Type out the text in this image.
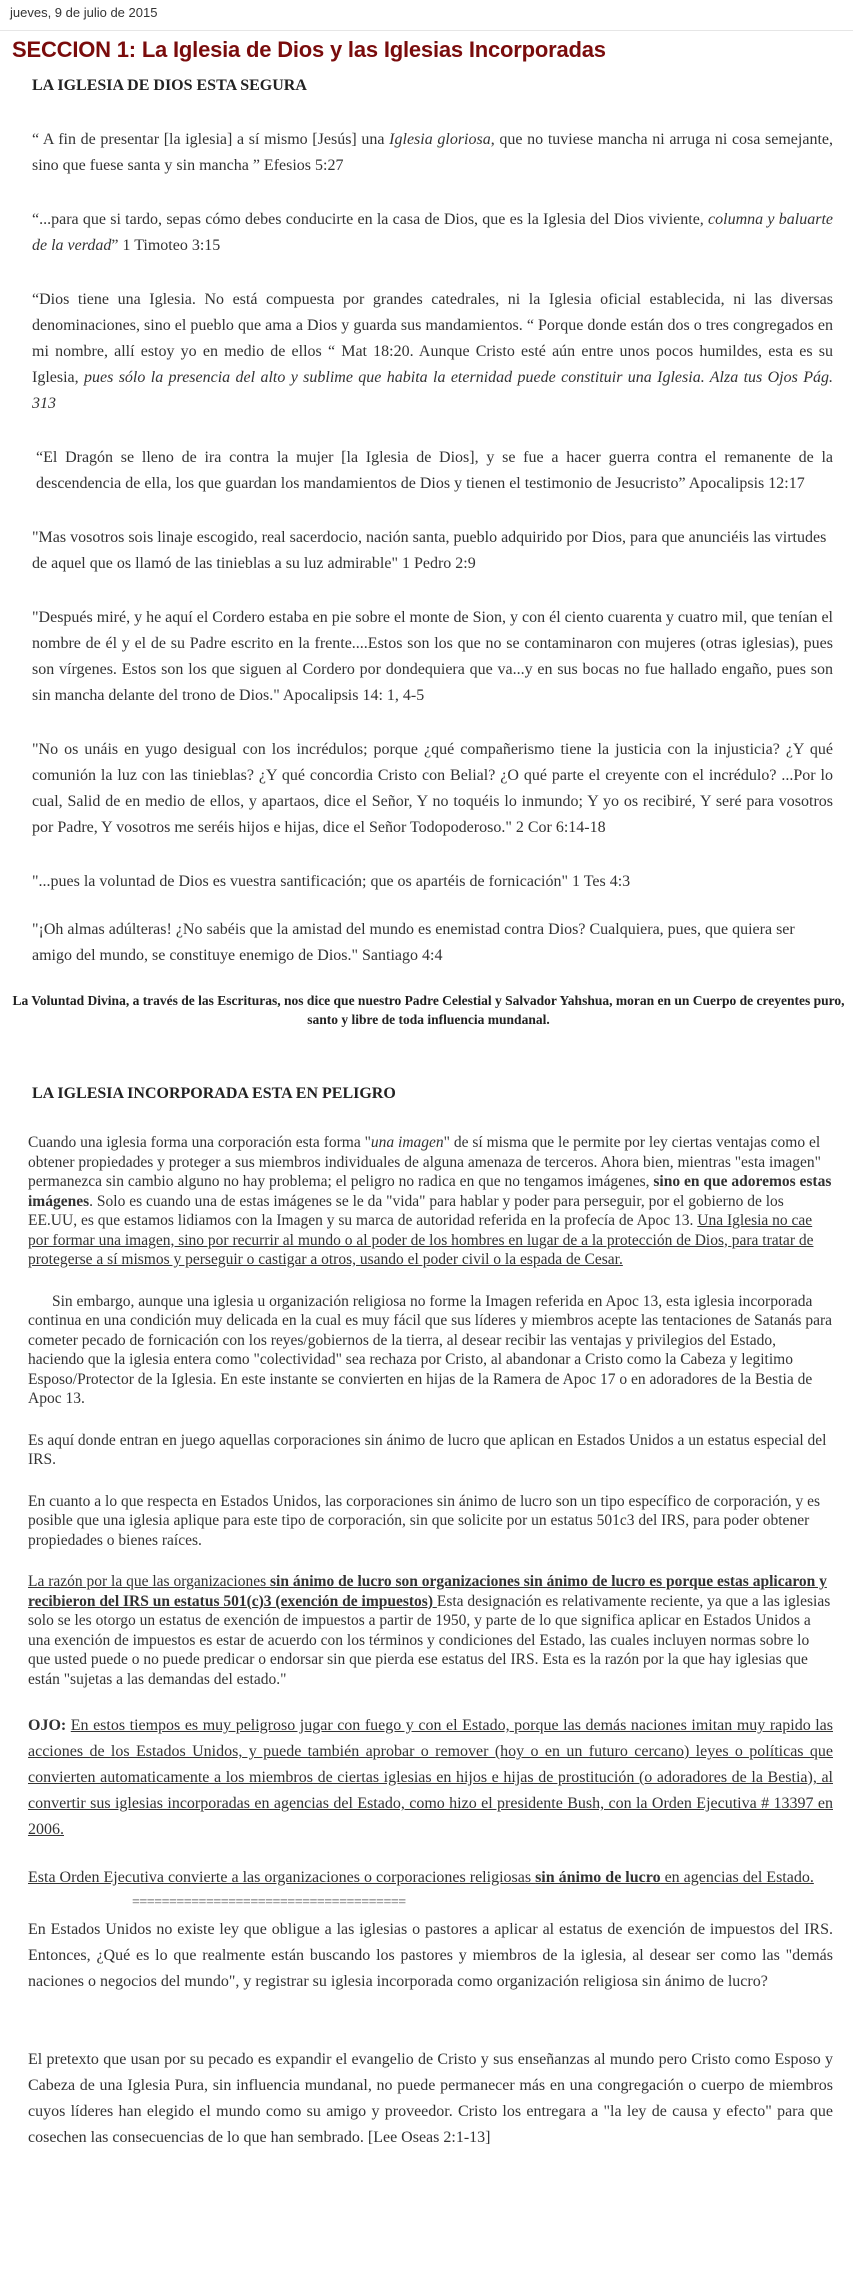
jueves, 9 de julio de 2015
SECCION 1: La Iglesia de Dios y las Iglesias Incorporadas
LA IGLESIA DE DIOS ESTA SEGURA

“ A fin de presentar [la iglesia] a sí mismo [Jesús] una Iglesia gloriosa, que no tuviese mancha ni arruga ni cosa semejante, sino que fuese santa y sin mancha ” Efesios 5:27

“...para que si tardo, sepas cómo debes conducirte en la casa de Dios, que es la Iglesia del Dios viviente, columna y baluarte de la verdad” 1 Timoteo 3:15

“Dios tiene una Iglesia. No está compuesta por grandes catedrales, ni la Iglesia oficial establecida, ni las diversas denominaciones, sino el pueblo que ama a Dios y guarda sus mandamientos. “ Porque donde están dos o tres congregados en mi nombre, allí estoy yo en medio de ellos “ Mat 18:20. Aunque Cristo esté aún entre unos pocos humildes, esta es su Iglesia, pues sólo la presencia del alto y sublime que habita la eternidad puede constituir una Iglesia. Alza tus Ojos Pág. 313

“El Dragón se lleno de ira contra la mujer [la Iglesia de Dios], y se fue a hacer guerra contra el remanente de la descendencia de ella, los que guardan los mandamientos de Dios y tienen el testimonio de Jesucristo” Apocalipsis 12:17

"Mas vosotros sois linaje escogido, real sacerdocio, nación santa, pueblo adquirido por Dios, para que anunciéis las virtudes de aquel que os llamó de las tinieblas a su luz admirable" 1 Pedro 2:9

"Después miré, y he aquí el Cordero estaba en pie sobre el monte de Sion, y con él ciento cuarenta y cuatro mil, que tenían el nombre de él y el de su Padre escrito en la frente....Estos son los que no se contaminaron con mujeres (otras iglesias), pues son vírgenes. Estos son los que siguen al Cordero por dondequiera que va...y en sus bocas no fue hallado engaño, pues son sin mancha delante del trono de Dios." Apocalipsis 14: 1, 4-5

"No os unáis en yugo desigual con los incrédulos; porque ¿qué compañerismo tiene la justicia con la injusticia? ¿Y qué comunión la luz con las tinieblas? ¿Y qué concordia Cristo con Belial? ¿O qué parte el creyente con el incrédulo? ...Por lo cual, Salid de en medio de ellos, y apartaos, dice el Señor, Y no toquéis lo inmundo; Y yo os recibiré, Y seré para vosotros por Padre, Y vosotros me seréis hijos e hijas, dice el Señor Todopoderoso." 2 Cor 6:14-18

"...pues la voluntad de Dios es vuestra santificación; que os apartéis de fornicación" 1 Tes 4:3

"¡Oh almas adúlteras! ¿No sabéis que la amistad del mundo es enemistad contra Dios? Cualquiera, pues, que quiera ser amigo del mundo, se constituye enemigo de Dios." Santiago 4:4

La Voluntad Divina, a través de las Escrituras, nos dice que nuestro Padre Celestial y Salvador Yahshua, moran en un Cuerpo de creyentes puro, santo y libre de toda influencia mundanal.

LA IGLESIA INCORPORADA ESTA EN PELIGRO

Cuando una iglesia forma una corporación esta forma "una imagen" de sí misma que le permite por ley ciertas ventajas como el obtener propiedades y proteger a sus miembros individuales de alguna amenaza de terceros. Ahora bien, mientras "esta imagen" permanezca sin cambio alguno no hay problema; el peligro no radica en que no tengamos imágenes, sino en que adoremos estas imágenes. Solo es cuando una de estas imágenes se le da "vida" para hablar y poder para perseguir, por el gobierno de los EE.UU, es que estamos lidiamos con la Imagen y su marca de autoridad referida en la profecía de Apoc 13. Una Iglesia no cae por formar una imagen, sino por recurrir al mundo o al poder de los hombres en lugar de a la protección de Dios, para tratar de protegerse a sí mismos y perseguir o castigar a otros, usando el poder civil o la espada de Cesar.

Sin embargo, aunque una iglesia u organización religiosa no forme la Imagen referida en Apoc 13, esta iglesia incorporada continua en una condición muy delicada en la cual es muy fácil que sus líderes y miembros acepte las tentaciones de Satanás para cometer pecado de fornicación con los reyes/gobiernos de la tierra, al desear recibir las ventajas y privilegios del Estado, haciendo que la iglesia entera como "colectividad" sea rechaza por Cristo, al abandonar a Cristo como la Cabeza y legitimo Esposo/Protector de la Iglesia. En este instante se convierten en hijas de la Ramera de Apoc 17 o en adoradores de la Bestia de Apoc 13.

Es aquí donde entran en juego aquellas corporaciones sin ánimo de lucro que aplican en Estados Unidos a un estatus especial del IRS.

En cuanto a lo que respecta en Estados Unidos, las corporaciones sin ánimo de lucro son un tipo específico de corporación, y es posible que una iglesia aplique para este tipo de corporación, sin que solicite por un estatus 501c3 del IRS, para poder obtener propiedades o bienes raíces.

La razón por la que las organizaciones sin ánimo de lucro son organizaciones sin ánimo de lucro es porque estas aplicaron y recibieron del IRS un estatus 501(c)3 (exención de impuestos) Esta designación es relativamente reciente, ya que a las iglesias solo se les otorgo un estatus de exención de impuestos a partir de 1950, y parte de lo que significa aplicar en Estados Unidos a una exención de impuestos es estar de acuerdo con los términos y condiciones del Estado, las cuales incluyen normas sobre lo que usted puede o no puede predicar o endorsar sin que pierda ese estatus del IRS. Esta es la razón por la que hay iglesias que están "sujetas a las demandas del estado."

OJO: En estos tiempos es muy peligroso jugar con fuego y con el Estado, porque las demás naciones imitan muy rapido las acciones de los Estados Unidos, y puede también aprobar o remover (hoy o en un futuro cercano) leyes o políticas que convierten automaticamente a los miembros de ciertas iglesias en hijos e hijas de prostitución (o adoradores de la Bestia), al convertir sus iglesias incorporadas en agencias del Estado, como hizo el presidente Bush, con la Orden Ejecutiva # 13397 en 2006.

Esta Orden Ejecutiva convierte a las organizaciones o corporaciones religiosas sin ánimo de lucro en agencias del Estado.

=====================================

En Estados Unidos no existe ley que obligue a las iglesias o pastores a aplicar al estatus de exención de impuestos del IRS. Entonces, ¿Qué es lo que realmente están buscando los pastores y miembros de la iglesia, al desear ser como las "demás naciones o negocios del mundo", y registrar su iglesia incorporada como organización religiosa sin ánimo de lucro?

El pretexto que usan por su pecado es expandir el evangelio de Cristo y sus enseñanzas al mundo pero Cristo como Esposo y Cabeza de una Iglesia Pura, sin influencia mundanal, no puede permanecer más en una congregación o cuerpo de miembros cuyos líderes han elegido el mundo como su amigo y proveedor. Cristo los entregara a "la ley de causa y efecto" para que cosechen las consecuencias de lo que han sembrado. [Lee Oseas 2:1-13]
